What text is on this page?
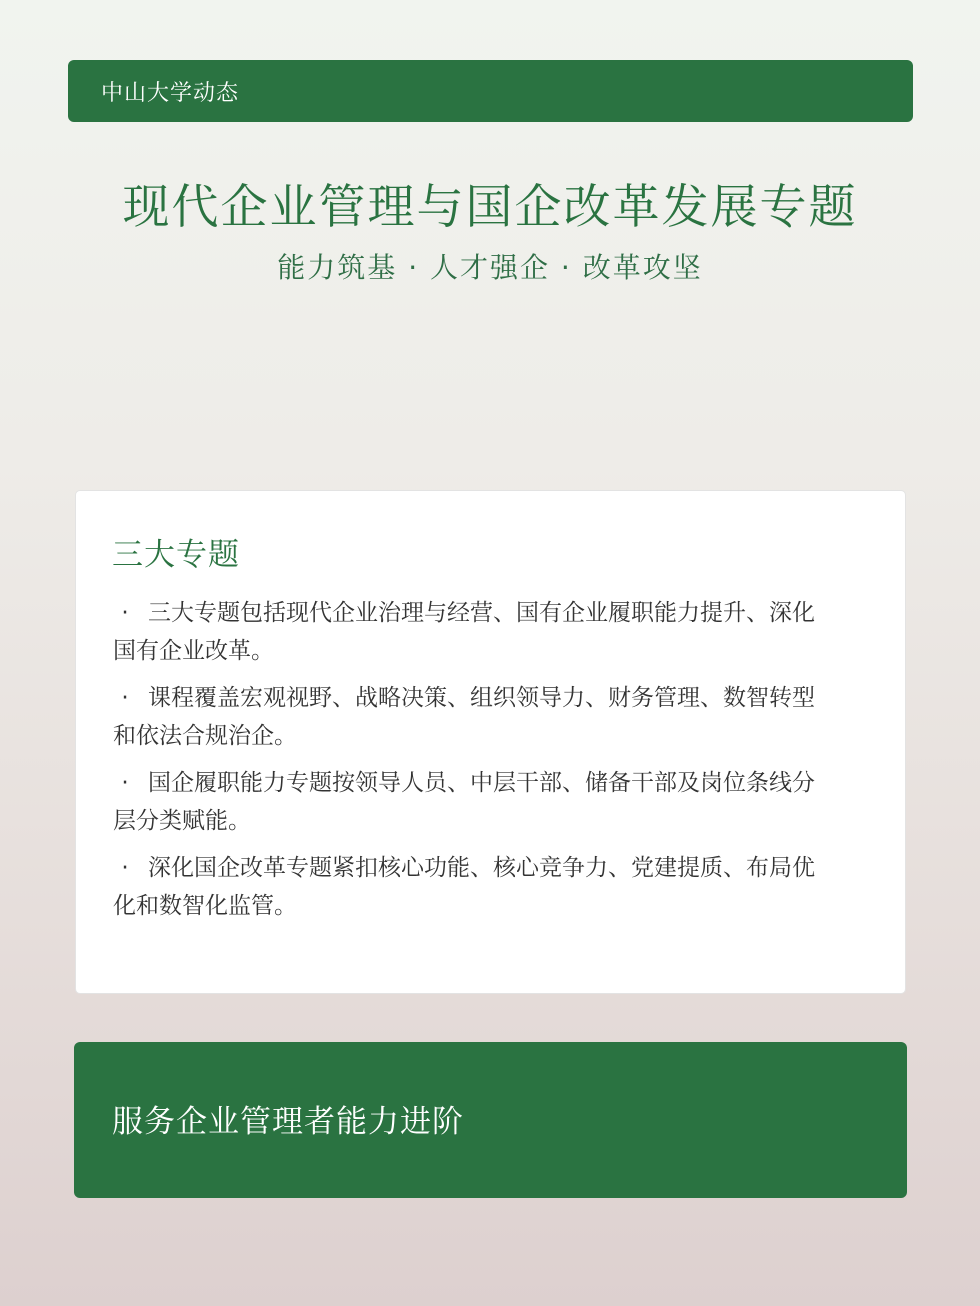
中山大学动态
现代企业管理与国企改革发展专题
能力筑基 · 人才强企 · 改革攻坚
三大专题
· 三大专题包括现代企业治理与经营、国有企业履职能力提升、深化国有企业改革。
· 课程覆盖宏观视野、战略决策、组织领导力、财务管理、数智转型和依法合规治企。
· 国企履职能力专题按领导人员、中层干部、储备干部及岗位条线分层分类赋能。
· 深化国企改革专题紧扣核心功能、核心竞争力、党建提质、布局优化和数智化监管。
服务企业管理者能力进阶
